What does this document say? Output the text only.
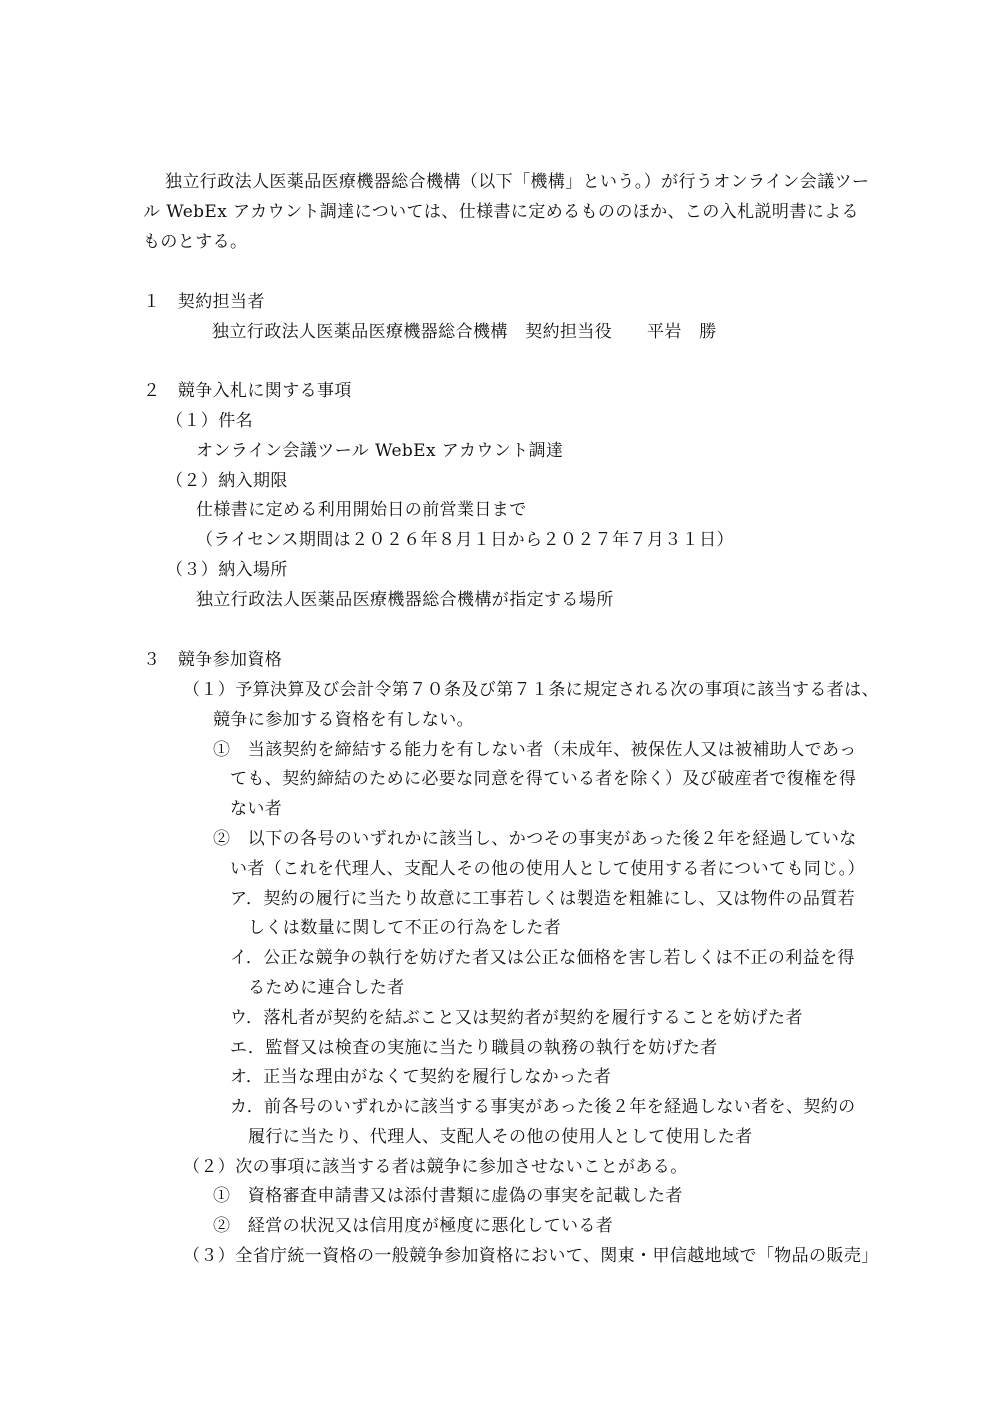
独立行政法人医薬品医療機器総合機構（以下「機構」という。）が行うオンライン会議ツー
ル WebEx アカウント調達については、仕様書に定めるもののほか、この入札説明書による
ものとする。
１　契約担当者
独立行政法人医薬品医療機器総合機構　契約担当役　　平岩　勝
２　競争入札に関する事項
（１）件名
オンライン会議ツール WebEx アカウント調達
（２）納入期限
仕様書に定める利用開始日の前営業日まで
（ライセンス期間は２０２６年８月１日から２０２７年７月３１日）
（３）納入場所
独立行政法人医薬品医療機器総合機構が指定する場所
３　競争参加資格
（１）予算決算及び会計令第７０条及び第７１条に規定される次の事項に該当する者は、
競争に参加する資格を有しない。
①　当該契約を締結する能力を有しない者（未成年、被保佐人又は被補助人であっ
ても、契約締結のために必要な同意を得ている者を除く）及び破産者で復権を得
ない者
②　以下の各号のいずれかに該当し、かつその事実があった後２年を経過していな
い者（これを代理人、支配人その他の使用人として使用する者についても同じ。）
ア．契約の履行に当たり故意に工事若しくは製造を粗雑にし、又は物件の品質若
しくは数量に関して不正の行為をした者
イ．公正な競争の執行を妨げた者又は公正な価格を害し若しくは不正の利益を得
るために連合した者
ウ．落札者が契約を結ぶこと又は契約者が契約を履行することを妨げた者
エ．監督又は検査の実施に当たり職員の執務の執行を妨げた者
オ．正当な理由がなくて契約を履行しなかった者
カ．前各号のいずれかに該当する事実があった後２年を経過しない者を、契約の
履行に当たり、代理人、支配人その他の使用人として使用した者
（２）次の事項に該当する者は競争に参加させないことがある。
①　資格審査申請書又は添付書類に虚偽の事実を記載した者
②　経営の状況又は信用度が極度に悪化している者
（３）全省庁統一資格の一般競争参加資格において、関東・甲信越地域で「物品の販売」
